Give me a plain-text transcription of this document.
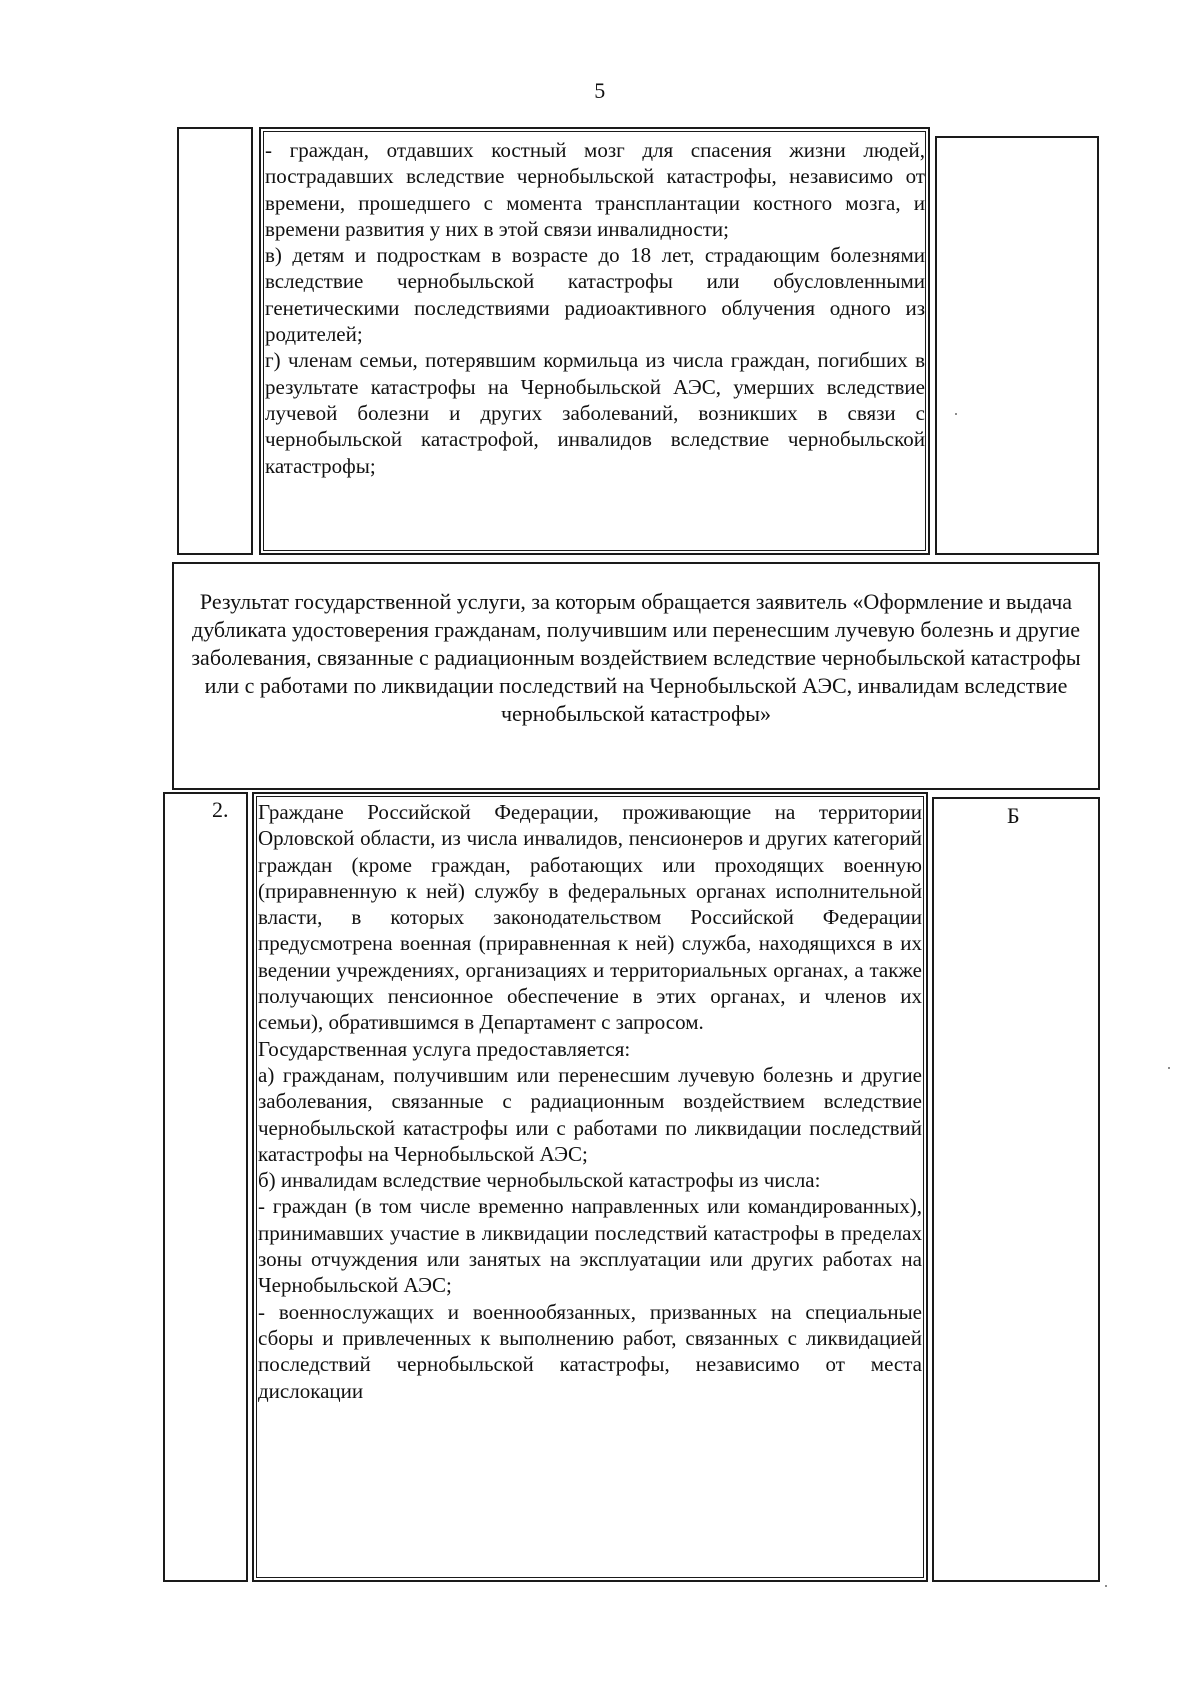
5

- граждан, отдавших костный мозг для спасения жизни людей, пострадавших вследствие чернобыльской катастрофы, независимо от времени, прошедшего с момента трансплантации костного мозга, и времени развития у них в этой связи инвалидности;

в) детям и подросткам в возрасте до 18 лет, страдающим болезнями вследствие чернобыльской катастрофы или обусловленными генетическими последствиями радиоактивного облучения одного из родителей;

г) членам семьи, потерявшим кормильца из числа граждан, погибших в результате катастрофы на Чернобыльской АЭС, умерших вследствие лучевой болезни и других заболеваний, возникших в связи с чернобыльской катастрофой, инвалидов вследствие чернобыльской катастрофы;

Результат государственной услуги, за которым обращается заявитель «Оформление и выдача дубликата удостоверения гражданам, получившим или перенесшим лучевую болезнь и другие заболевания, связанные с радиационным воздействием вследствие чернобыльской катастрофы или с работами по ликвидации последствий на Чернобыльской АЭС, инвалидам вследствие чернобыльской катастрофы»
2.	Б

Граждане Российской Федерации, проживающие на территории Орловской области, из числа инвалидов, пенсионеров и других категорий граждан (кроме граждан, работающих или проходящих военную (приравненную к ней) службу в федеральных органах исполнительной власти, в которых законодательством Российской Федерации предусмотрена военная (приравненная к ней) служба, находящихся в их ведении учреждениях, организациях и территориальных органах, а также получающих пенсионное обеспечение в этих органах, и членов их семьи), обратившимся в Департамент с запросом.

Государственная услуга предоставляется:

а) гражданам, получившим или перенесшим лучевую болезнь и другие заболевания, связанные с радиационным воздействием вследствие чернобыльской катастрофы или с работами по ликвидации последствий катастрофы на Чернобыльской АЭС;

б) инвалидам вследствие чернобыльской катастрофы из числа:

- граждан (в том числе временно направленных или командированных), принимавших участие в ликвидации последствий катастрофы в пределах зоны отчуждения или занятых на эксплуатации или других работах на Чернобыльской АЭС;

- военнослужащих и военнообязанных, призванных на специальные сборы и привлеченных к выполнению работ, связанных с ликвидацией последствий чернобыльской катастрофы, независимо от места дислокации
